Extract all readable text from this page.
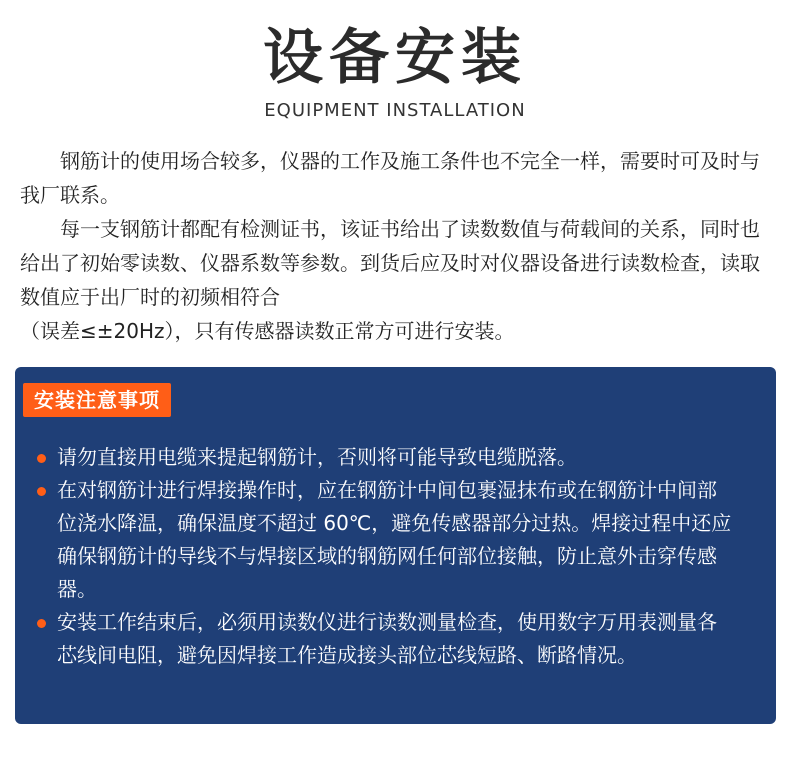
设备安装
EQUIPMENT INSTALLATION

钢筋计的使用场合较多，仪器的工作及施工条件也不完全一样，需要时可及时与我厂联系。

每一支钢筋计都配有检测证书，该证书给出了读数数值与荷载间的关系，同时也给出了初始零读数、仪器系数等参数。到货后应及时对仪器设备进行读数检查，读取数值应于出厂时的初频相符合
（误差≤±20Hz），只有传感器读数正常方可进行安装。

安装注意事项
请勿直接用电缆来提起钢筋计，否则将可能导致电缆脱落。
在对钢筋计进行焊接操作时，应在钢筋计中间包裹湿抹布或在钢筋计中间部位浇水降温，确保温度不超过 60℃，避免传感器部分过热。焊接过程中还应确保钢筋计的导线不与焊接区域的钢筋网任何部位接触，防止意外击穿传感器。
安装工作结束后，必须用读数仪进行读数测量检查，使用数字万用表测量各芯线间电阻，避免因焊接工作造成接头部位芯线短路、断路情况。
